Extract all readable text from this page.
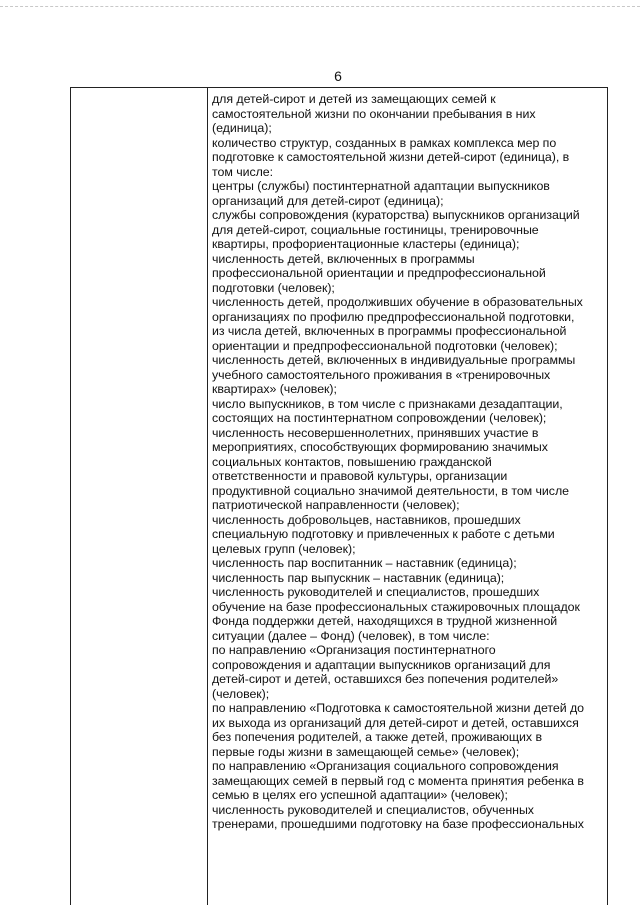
6
для детей-сирот и детей из замещающих семей к
самостоятельной жизни по окончании пребывания в них
(единица);
количество структур, созданных в рамках комплекса мер по
подготовке к самостоятельной жизни детей-сирот (единица), в
том числе:
центры (службы) постинтернатной адаптации выпускников
организаций для детей-сирот (единица);
службы сопровождения (кураторства) выпускников организаций
для детей-сирот, социальные гостиницы, тренировочные
квартиры, профориентационные кластеры (единица);
численность детей, включенных в программы
профессиональной ориентации и предпрофессиональной
подготовки (человек);
численность детей, продолживших обучение в образовательных
организациях по профилю предпрофессиональной подготовки,
из числа детей, включенных в программы профессиональной
ориентации и предпрофессиональной подготовки (человек);
численность детей, включенных в индивидуальные программы
учебного самостоятельного проживания в «тренировочных
квартирах» (человек);
число выпускников, в том числе с признаками дезадаптации,
состоящих на постинтернатном сопровождении (человек);
численность несовершеннолетних, принявших участие в
мероприятиях, способствующих формированию значимых
социальных контактов, повышению гражданской
ответственности и правовой культуры, организации
продуктивной социально значимой деятельности, в том числе
патриотической направленности (человек);
численность добровольцев, наставников, прошедших
специальную подготовку и привлеченных к работе с детьми
целевых групп (человек);
численность пар воспитанник – наставник (единица);
численность пар выпускник – наставник (единица);
численность руководителей и специалистов, прошедших
обучение на базе профессиональных стажировочных площадок
Фонда поддержки детей, находящихся в трудной жизненной
ситуации (далее – Фонд) (человек), в том числе:
по направлению «Организация постинтернатного
сопровождения и адаптации выпускников организаций для
детей-сирот и детей, оставшихся без попечения родителей»
(человек);
по направлению «Подготовка к самостоятельной жизни детей до
их выхода из организаций для детей-сирот и детей, оставшихся
без попечения родителей, а также детей, проживающих в
первые годы жизни в замещающей семье» (человек);
по направлению «Организация социального сопровождения
замещающих семей в первый год с момента принятия ребенка в
семью в целях его успешной адаптации» (человек);
численность руководителей и специалистов, обученных
тренерами, прошедшими подготовку на базе профессиональных
